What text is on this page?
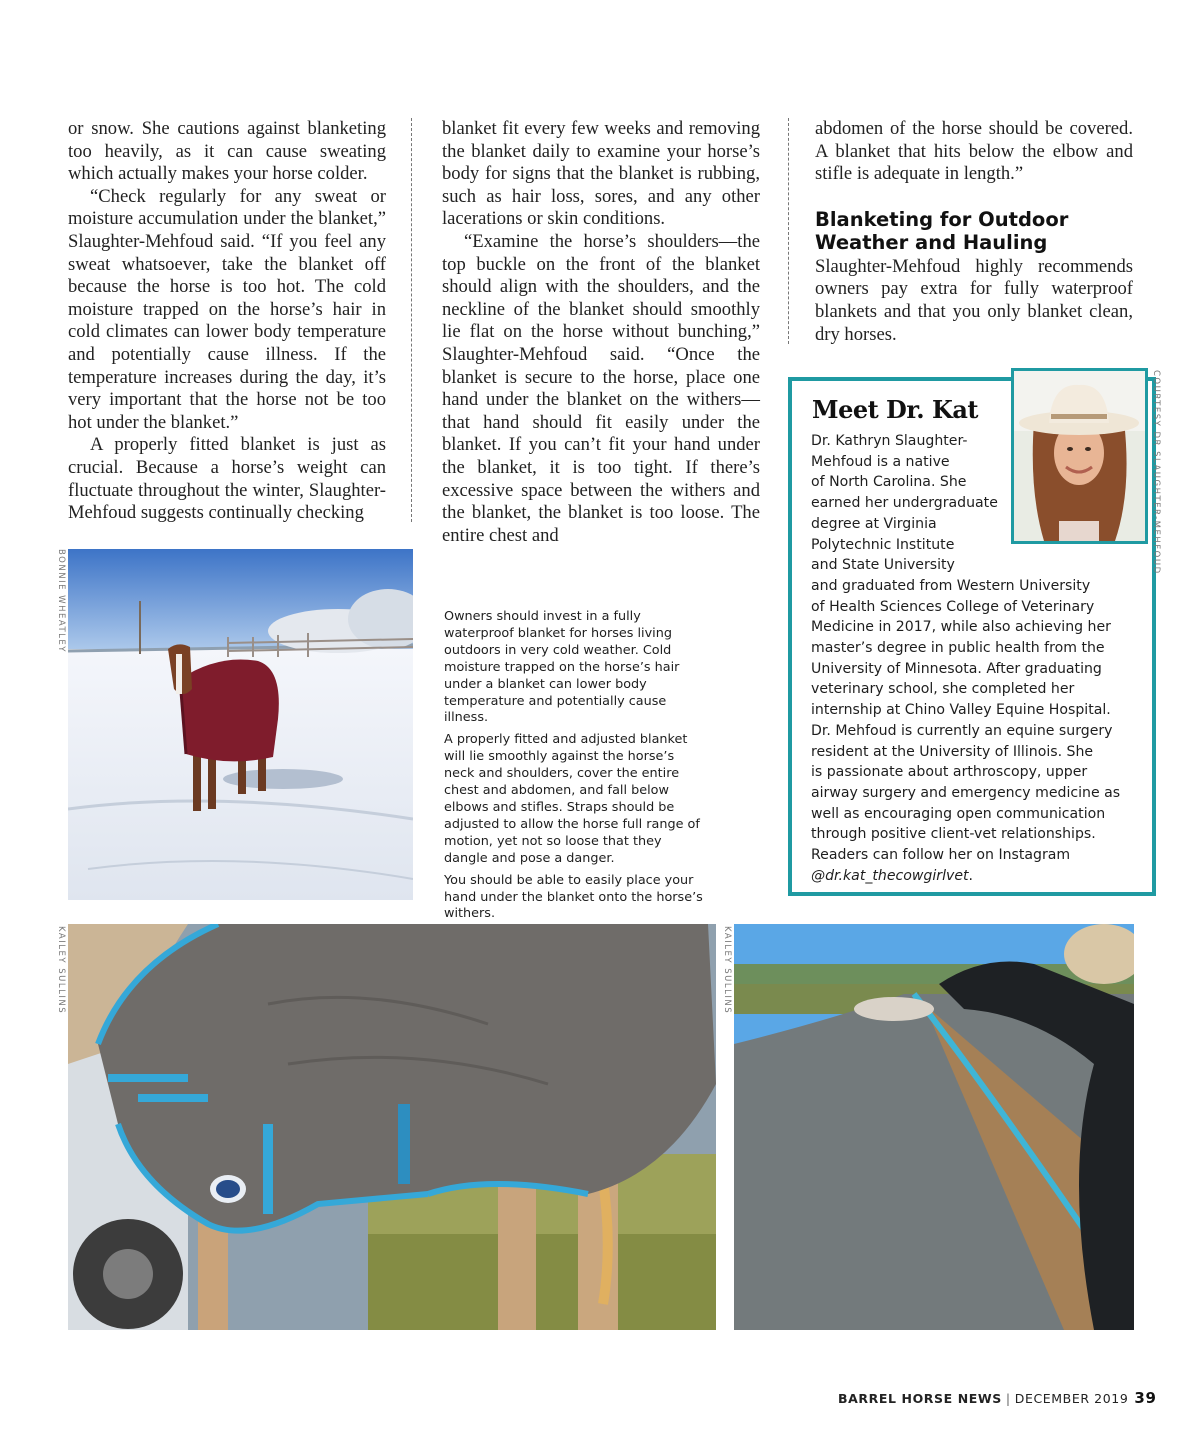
or snow. She cautions against blanketing too heavily, as it can cause sweating which actually makes your horse colder.

“Check regularly for any sweat or moisture accumulation under the blanket,” Slaughter-Mehfoud said. “If you feel any sweat whatsoever, take the blanket off because the horse is too hot. The cold moisture trapped on the horse’s hair in cold climates can lower body temperature and potentially cause illness. If the temperature increases during the day, it’s very important that the horse not be too hot under the blanket.”

A properly fitted blanket is just as crucial. Because a horse’s weight can fluctuate throughout the winter, Slaughter-Mehfoud suggests continually checking

blanket fit every few weeks and removing the blanket daily to examine your horse’s body for signs that the blanket is rubbing, such as hair loss, sores, and any other lacerations or skin conditions.

“Examine the horse’s shoulders—the top buckle on the front of the blanket should align with the shoulders, and the neckline of the blanket should smoothly lie flat on the horse without bunching,” Slaughter-Mehfoud said. “Once the blanket is secure to the horse, place one hand under the blanket on the withers—that hand should fit easily under the blanket. If you can’t fit your hand under the blanket, it is too tight. If there’s excessive space between the withers and the blanket, the blanket is too loose. The entire chest and

abdomen of the horse should be covered. A blanket that hits below the elbow and stifle is adequate in length.”

Blanketing for Outdoor
Weather and Hauling

Slaughter-Mehfoud highly recommends owners pay extra for fully waterproof blankets and that you only blanket clean, dry horses.

BONNIE WHEATLEY	Owners should invest in a fully waterproof blanket for horses living outdoors in very cold weather. Cold moisture trapped on the horse’s hair under a blanket can lower body temperature and potentially cause illness.

A properly fitted and adjusted blanket will lie smoothly against the horse’s neck and shoulders, cover the entire chest and abdomen, and fall below elbows and stifles. Straps should be adjusted to allow the horse full range of motion, yet not so loose that they dangle and pose a danger.

You should be able to easily place your hand under the blanket onto the horse’s withers.

Meet Dr. Kat
Dr. Kathryn Slaughter-
Mehfoud is a native
of North Carolina. She
earned her undergraduate
degree at Virginia
Polytechnic Institute
and State University
and graduated from Western University
of Health Sciences College of Veterinary
Medicine in 2017, while also achieving her
master’s degree in public health from the
University of Minnesota. After graduating
veterinary school, she completed her
internship at Chino Valley Equine Hospital.
Dr. Mehfoud is currently an equine surgery
resident at the University of Illinois. She
is passionate about arthroscopy, upper
airway surgery and emergency medicine as
well as encouraging open communication
through positive client-vet relationships.
Readers can follow her on Instagram
@dr.kat_thecowgirlvet.
COURTESY DR SLAUGHTER-MEHFOUD
KAILEY SULLINS	KAILEY SULLINS
BARREL HORSE NEWS | DECEMBER 2019 39
